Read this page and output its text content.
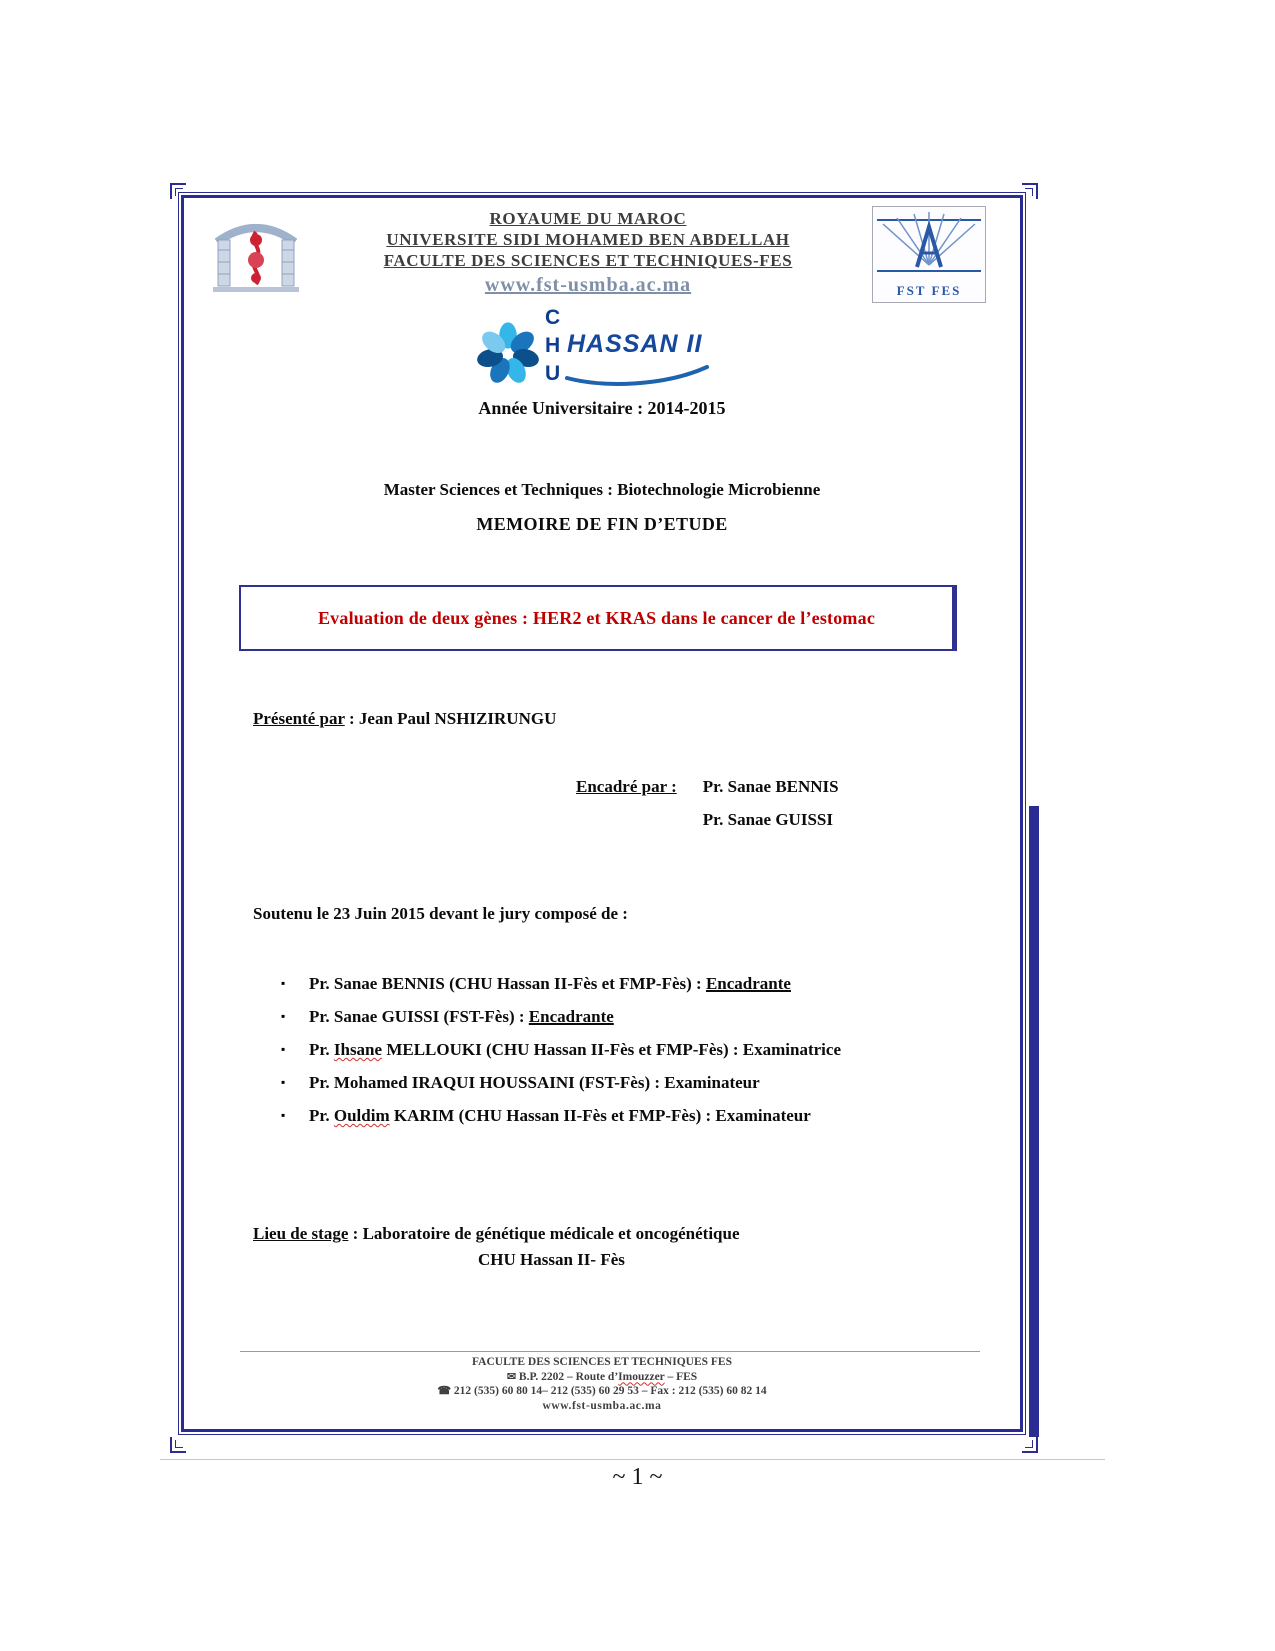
ROYAUME DU MAROC
UNIVERSITE SIDI MOHAMED BEN ABDELLAH
FACULTE DES SCIENCES ET TECHNIQUES-FES
www.fst-usmba.ac.ma	FST FES
C
H
U
HASSAN II
Année Universitaire : 2014-2015
Master Sciences et Techniques : Biotechnologie Microbienne
MEMOIRE DE FIN D’ETUDE
Evaluation de deux gènes : HER2 et KRAS dans le cancer de l’estomac
Présenté par : Jean Paul NSHIZIRUNGU
Encadré par : Pr. Sanae BENNIS
Pr. Sanae GUISSI
Soutenu le 23 Juin 2015 devant le jury composé de :
▪ Pr. Sanae BENNIS (CHU Hassan II-Fès et FMP-Fès) : Encadrante
▪ Pr. Sanae GUISSI (FST-Fès) : Encadrante
▪ Pr. Ihsane MELLOUKI (CHU Hassan II-Fès et FMP-Fès) : Examinatrice
▪ Pr. Mohamed IRAQUI HOUSSAINI (FST-Fès) : Examinateur
▪ Pr. Ouldim KARIM (CHU Hassan II-Fès et FMP-Fès) : Examinateur
Lieu de stage : Laboratoire de génétique médicale et oncogénétique
CHU Hassan II- Fès
FACULTE DES SCIENCES ET TECHNIQUES FES
✉ B.P. 2202 – Route d’Imouzzer – FES
☎ 212 (535) 60 80 14– 212 (535) 60 29 53 – Fax : 212 (535) 60 82 14
www.fst-usmba.ac.ma
~ 1 ~
